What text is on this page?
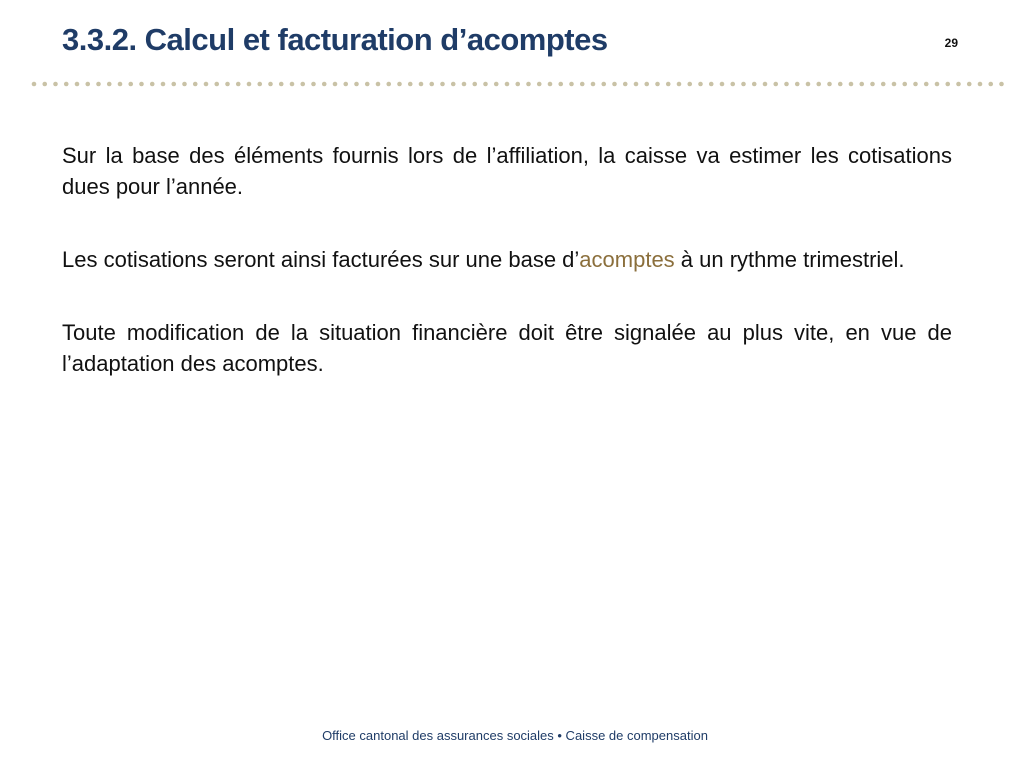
3.3.2. Calcul et facturation d’acomptes	29

Sur la base des éléments fournis lors de l’affiliation, la caisse va estimer les cotisations dues pour l’année.

Les cotisations seront ainsi facturées sur une base d’acomptes à un rythme trimestriel.

Toute modification de la situation financière doit être signalée au plus vite, en vue de l’adaptation des acomptes.

Office cantonal des assurances sociales • Caisse de compensation
